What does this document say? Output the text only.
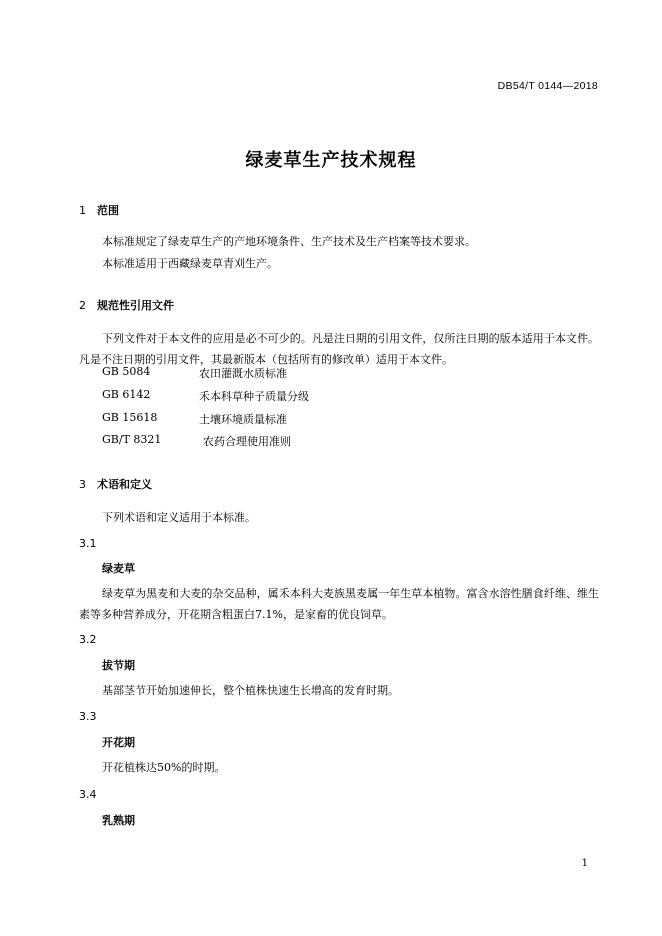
DB54/T 0144—2018
绿麦草生产技术规程
1 范围
本标准规定了绿麦草生产的产地环境条件、生产技术及生产档案等技术要求。
本标准适用于西藏绿麦草青刈生产。
2 规范性引用文件
下列文件对于本文件的应用是必不可少的。凡是注日期的引用文件，仅所注日期的版本适用于本文件。凡是不注日期的引用文件，其最新版本（包括所有的修改单）适用于本文件。
GB 5084	农田灌溉水质标准
GB 6142	禾本科草种子质量分级
GB 15618	土壤环境质量标准
GB/T 8321	农药合理使用准则
3 术语和定义
下列术语和定义适用于本标准。
3.1
绿麦草
绿麦草为黑麦和大麦的杂交品种，属禾本科大麦族黑麦属一年生草本植物。富含水溶性膳食纤维、维生素等多种营养成分，开花期含粗蛋白7.1%，是家畜的优良饲草。
3.2
拔节期
基部茎节开始加速伸长，整个植株快速生长增高的发育时期。
3.3
开花期
开花植株达50%的时期。
3.4
乳熟期
1
